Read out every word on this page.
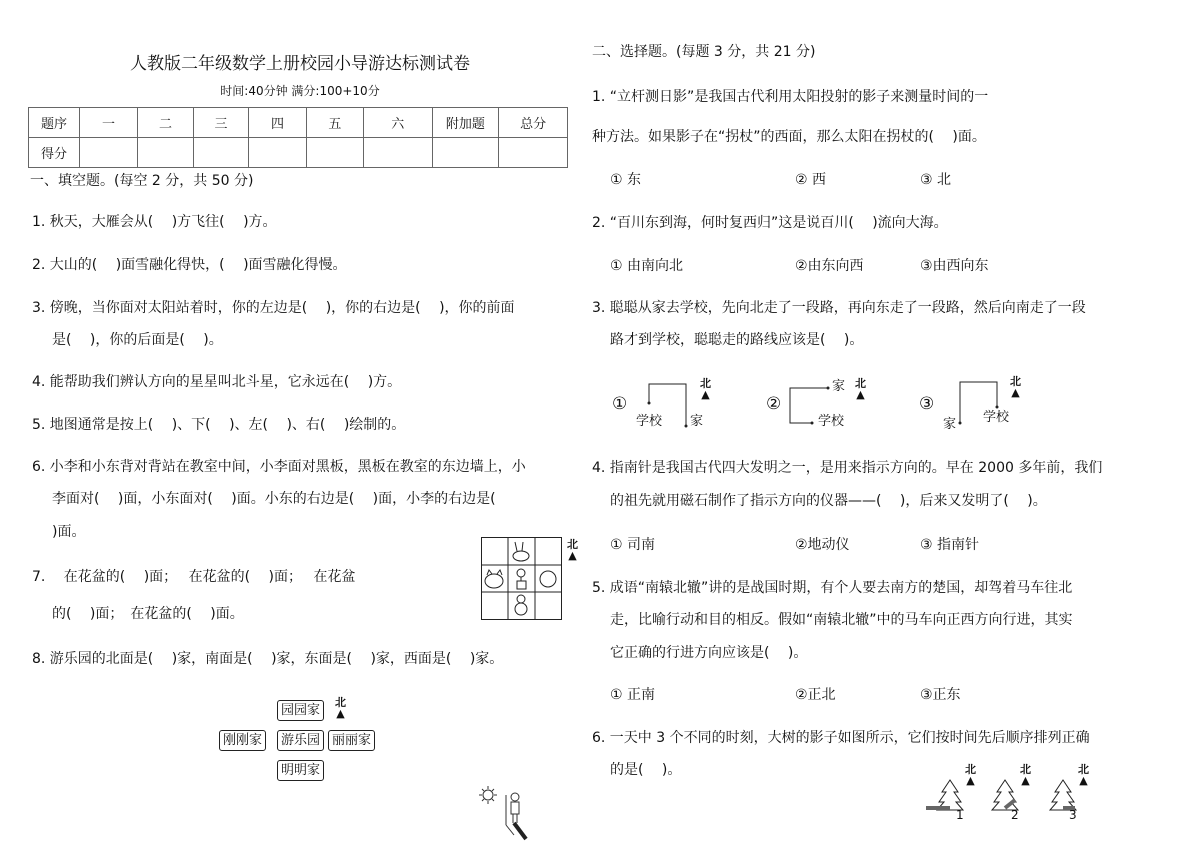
人教版二年级数学上册校园小导游达标测试卷
时间:40分钟 满分:100+10分
题序	一	二	三	四	五	六	附加题	总分
得分								
一、填空题。(每空 2 分，共 50 分)
1. 秋天，大雁会从(　 )方飞往(　 )方。
2. 大山的(　 )面雪融化得快，(　 )面雪融化得慢。
3. 傍晚，当你面对太阳站着时，你的左边是(　 )，你的右边是(　 )，你的前面
是(　 )，你的后面是(　 )。
4. 能帮助我们辨认方向的星星叫北斗星，它永远在(　 )方。
5. 地图通常是按上(　 )、下(　 )、左(　 )、右(　 )绘制的。
6. 小李和小东背对背站在教室中间，小李面对黑板，黑板在教室的东边墙上，小
李面对(　 )面，小东面对(　 )面。小东的右边是(　 )面，小李的右边是(
)面。
7. 　在花盆的(　 )面；　 在花盆的(　 )面；　 在花盆
的(　 )面；　在花盆的(　 )面。
8. 游乐园的北面是(　 )家，南面是(　 )家，东面是(　 )家，西面是(　 )家。
北
▲
园园家
北
▲
刚刚家	游乐园 丽丽家
明明家
二、选择题。(每题 3 分，共 21 分)
1. “立杆测日影”是我国古代利用太阳投射的影子来测量时间的一
种方法。如果影子在“拐杖”的西面，那么太阳在拐杖的(　 )面。
① 东	② 西	③ 北
2. “百川东到海，何时复西归”这是说百川(　 )流向大海。
① 由南向北	②由东向西	③由西向东
3. 聪聪从家去学校，先向北走了一段路，再向东走了一段路，然后向南走了一段
路才到学校，聪聪走的路线应该是(　 )。
4. 指南针是我国古代四大发明之一，是用来指示方向的。早在 2000 多年前，我们
的祖先就用磁石制作了指示方向的仪器——(　 )，后来又发明了(　 )。
① 司南	②地动仪	③ 指南针
5. 成语“南辕北辙”讲的是战国时期，有个人要去南方的楚国，却驾着马车往北
走，比喻行动和目的相反。假如“南辕北辙”中的马车向正西方向行进，其实
它正确的行进方向应该是(　 )。
① 正南	②正北	③正东
6. 一天中 3 个不同的时刻，大树的影子如图所示，它们按时间先后顺序排列正确
的是(　 )。
①	②	③
学校	学校	学校
家
家
家
北
▲
北
▲
北
▲
北
▲
1
北
▲
2
北
▲
3
